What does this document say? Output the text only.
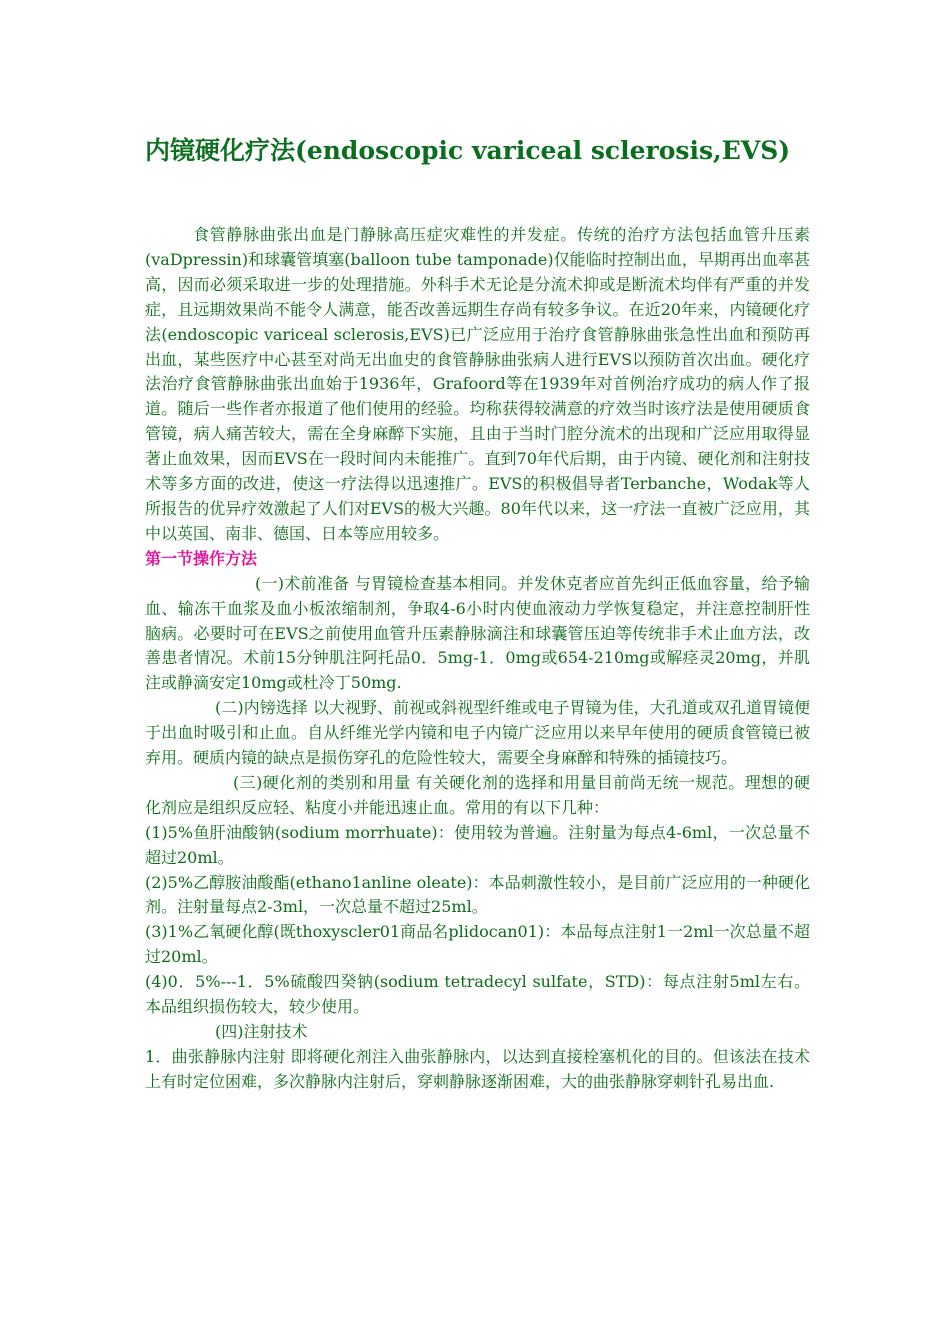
内镜硬化疗法(endoscopic variceal sclerosis,EVS)

食管静脉曲张出血是门静脉高压症灾难性的并发症。传统的治疗方法包括血管升压素(vaDpressin)和球囊管填塞(balloon tube tamponade)仅能临时控制出血，早期再出血率甚高，因而必须采取进一步的处理措施。外科手术无论是分流术抑或是断流术均伴有严重的并发症，且远期效果尚不能令人满意，能否改善远期生存尚有较多争议。在近20年来，内镜硬化疗法(endoscopic variceal sclerosis,EVS)已广泛应用于治疗食管静脉曲张急性出血和预防再出血，某些医疗中心甚至对尚无出血史的食管静脉曲张病人进行EVS以预防首次出血。硬化疗法治疗食管静脉曲张出血始于1936年，Grafoord等在1939年对首例治疗成功的病人作了报道。随后一些作者亦报道了他们使用的经验。均称获得较满意的疗效当时该疗法是使用硬质食管镜，病人痛苦较大，需在全身麻醉下实施，且由于当时门腔分流术的出现和广泛应用取得显著止血效果，因而EVS在一段时间内未能推广。直到70年代后期，由于内镜、硬化剂和注射技术等多方面的改进，使这一疗法得以迅速推广。EVS的积极倡导者Terbanche，Wodak等人所报告的优异疗效激起了人们对EVS的极大兴趣。80年代以来，这一疗法一直被广泛应用，其中以英国、南非、德国、日本等应用较多。

第一节操作方法

(一)术前准备 与胃镜检查基本相同。并发休克者应首先纠正低血容量，给予输血、输冻干血浆及血小板浓缩制剂，争取4-6小时内使血液动力学恢复稳定，并注意控制肝性脑病。必要时可在EVS之前使用血管升压素静脉滴注和球囊管压迫等传统非手术止血方法，改善患者情况。术前15分钟肌注阿托品0．5mg-1．0mg或654-210mg或解痉灵20mg，并肌注或静滴安定10mg或杜冷丁50mg.

(二)内镑选择 以大视野、前视或斜视型纤维或电子胃镜为佳，大孔道或双孔道胃镜便于出血时吸引和止血。自从纤维光学内镜和电子内镜广泛应用以来早年使用的硬质食管镜已被弃用。硬质内镜的缺点是损伤穿孔的危险性较大，需要全身麻醉和特殊的插镜技巧。

(三)硬化剂的类别和用量 有关硬化剂的选择和用量目前尚无统一规范。理想的硬化剂应是组织反应轻、粘度小并能迅速止血。常用的有以下几种：

(1)5%鱼肝油酸钠(sodium morrhuate)：使用较为普遍。注射量为每点4-6ml，一次总量不超过20ml。

(2)5%乙醇胺油酸酯(ethano1anline oleate)：本品刺激性较小，是目前广泛应用的一种硬化剂。注射量每点2-3ml，一次总量不超过25ml。

(3)1%乙氧硬化醇(既thoxyscler01商品名plidocan01)：本品每点注射1一2ml一次总量不超过20ml。

(4)0．5%---1．5%硫酸四癸钠(sodium tetradecyl sulfate，STD)：每点注射5ml左右。本品组织损伤较大，较少使用。

(四)注射技术

1．曲张静脉内注射 即将硬化剂注入曲张静脉内，以达到直接栓塞机化的目的。但该法在技术上有时定位困难，多次静脉内注射后，穿刺静脉逐渐困难，大的曲张静脉穿刺针孔易出血.
